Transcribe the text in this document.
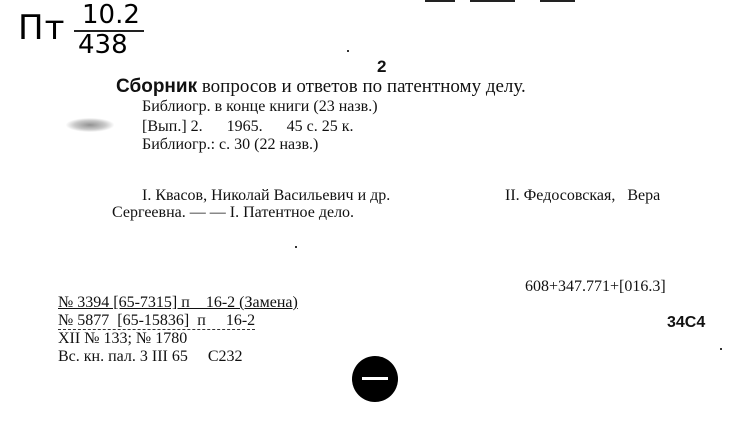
Пт 10.2
438
2
Сборник вопросов и ответов по патентному делу.
Библиогр. в конце книги (23 назв.)
[Вып.] 2.      1965.      45 с. 25 к.
Библиогр.: с. 30 (22 назв.)
I. Квасов, Николай Васильевич и др.	II. Федосовская,   Вера
Сергеевна. — — I. Патентное дело.
608+347.771+[016.3]
№ 3394 [65-7315] п    16-2 (Замена)
№ 5877  [65-15836]  п     16-2
XII № 133; № 1780
Вс. кн. пал. 3 III 65     С232
34С4
